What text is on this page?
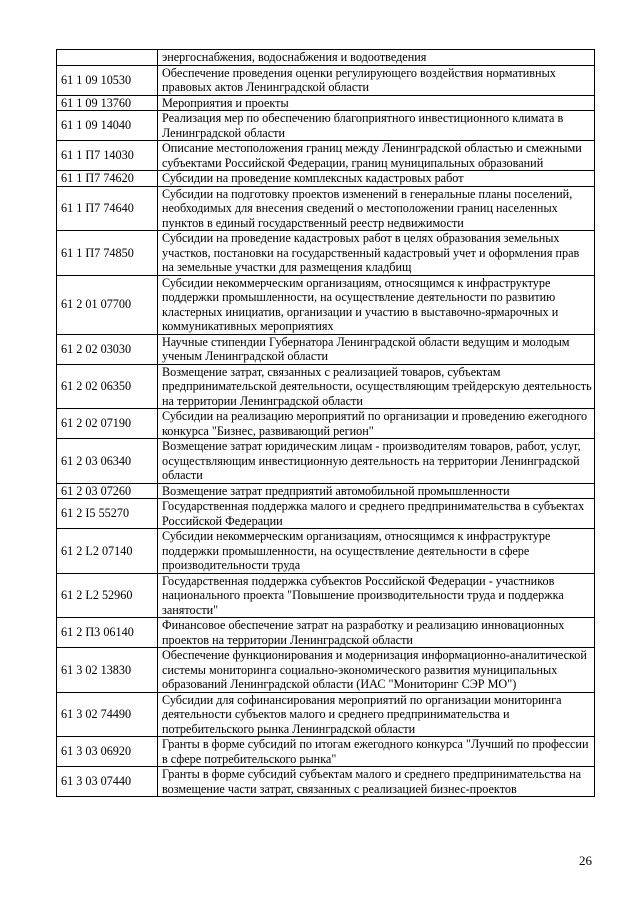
	энергоснабжения, водоснабжения и водоотведения
61 1 09 10530	Обеспечение проведения оценки регулирующего воздействия нормативных правовых актов Ленинградской области
61 1 09 13760	Мероприятия и проекты
61 1 09 14040	Реализация мер по обеспечению благоприятного инвестиционного климата в Ленинградской области
61 1 П7 14030	Описание местоположения границ между Ленинградской областью и смежными субъектами Российской Федерации, границ муниципальных образований
61 1 П7 74620	Субсидии на проведение комплексных кадастровых работ
61 1 П7 74640	Субсидии на подготовку проектов изменений в генеральные планы поселений, необходимых для внесения сведений о местоположении границ населенных пунктов в единый государственный реестр недвижимости
61 1 П7 74850	Субсидии на проведение кадастровых работ в целях образования земельных участков, постановки на государственный кадастровый учет и оформления прав на земельные участки для размещения кладбищ
61 2 01 07700	Субсидии некоммерческим организациям, относящимся к инфраструктуре поддержки промышленности, на осуществление деятельности по развитию кластерных инициатив, организации и участию в выставочно-ярмарочных и коммуникативных мероприятиях
61 2 02 03030	Научные стипендии Губернатора Ленинградской области ведущим и молодым ученым Ленинградской области
61 2 02 06350	Возмещение затрат, связанных с реализацией товаров, субъектам предпринимательской деятельности, осуществляющим трейдерскую деятельность на территории Ленинградской области
61 2 02 07190	Субсидии на реализацию мероприятий по организации и проведению ежегодного конкурса "Бизнес, развивающий регион"
61 2 03 06340	Возмещение затрат юридическим лицам - производителям товаров, работ, услуг, осуществляющим инвестиционную деятельность на территории Ленинградской области
61 2 03 07260	Возмещение затрат предприятий автомобильной промышленности
61 2 I5 55270	Государственная поддержка малого и среднего предпринимательства в субъектах Российской Федерации
61 2 L2 07140	Субсидии некоммерческим организациям, относящимся к инфраструктуре поддержки промышленности, на осуществление деятельности в сфере производительности труда
61 2 L2 52960	Государственная поддержка субъектов Российской Федерации - участников национального проекта "Повышение производительности труда и поддержка занятости"
61 2 П3 06140	Финансовое обеспечение затрат на разработку и реализацию инновационных проектов на территории Ленинградской области
61 3 02 13830	Обеспечение функционирования и модернизация информационно-аналитической системы мониторинга социально-экономического развития муниципальных образований Ленинградской области (ИАС "Мониторинг СЭР МО")
61 3 02 74490	Субсидии для софинансирования мероприятий по организации мониторинга деятельности субъектов малого и среднего предпринимательства и потребительского рынка Ленинградской области
61 3 03 06920	Гранты в форме субсидий по итогам ежегодного конкурса "Лучший по профессии в сфере потребительского рынка"
61 3 03 07440	Гранты в форме субсидий субъектам малого и среднего предпринимательства на возмещение части затрат, связанных с реализацией бизнес-проектов
26
